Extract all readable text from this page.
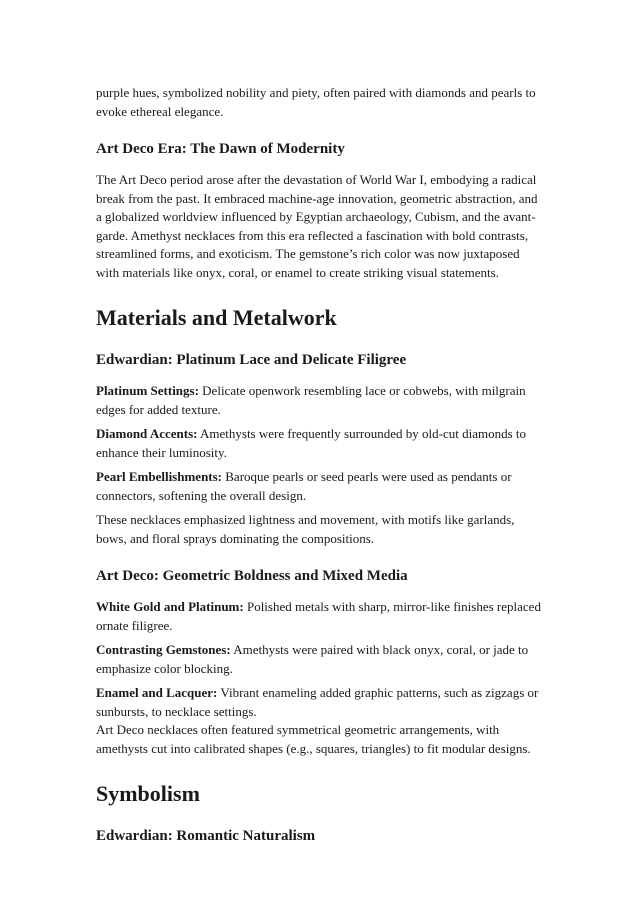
purple hues, symbolized nobility and piety, often paired with diamonds and pearls to evoke ethereal elegance.

Art Deco Era: The Dawn of Modernity

The Art Deco period arose after the devastation of World War I, embodying a radical break from the past. It embraced machine-age innovation, geometric abstraction, and a globalized worldview influenced by Egyptian archaeology, Cubism, and the avant-garde. Amethyst necklaces from this era reflected a fascination with bold contrasts, streamlined forms, and exoticism. The gemstone’s rich color was now juxtaposed with materials like onyx, coral, or enamel to create striking visual statements.

Materials and Metalwork
Edwardian: Platinum Lace and Delicate Filigree

Platinum Settings: Delicate openwork resembling lace or cobwebs, with milgrain edges for added texture.

Diamond Accents: Amethysts were frequently surrounded by old-cut diamonds to enhance their luminosity.

Pearl Embellishments: Baroque pearls or seed pearls were used as pendants or connectors, softening the overall design.

These necklaces emphasized lightness and movement, with motifs like garlands, bows, and floral sprays dominating the compositions.

Art Deco: Geometric Boldness and Mixed Media

White Gold and Platinum: Polished metals with sharp, mirror-like finishes replaced ornate filigree.

Contrasting Gemstones: Amethysts were paired with black onyx, coral, or jade to emphasize color blocking.

Enamel and Lacquer: Vibrant enameling added graphic patterns, such as zigzags or sunbursts, to necklace settings.

Art Deco necklaces often featured symmetrical geometric arrangements, with amethysts cut into calibrated shapes (e.g., squares, triangles) to fit modular designs.

Symbolism
Edwardian: Romantic Naturalism
